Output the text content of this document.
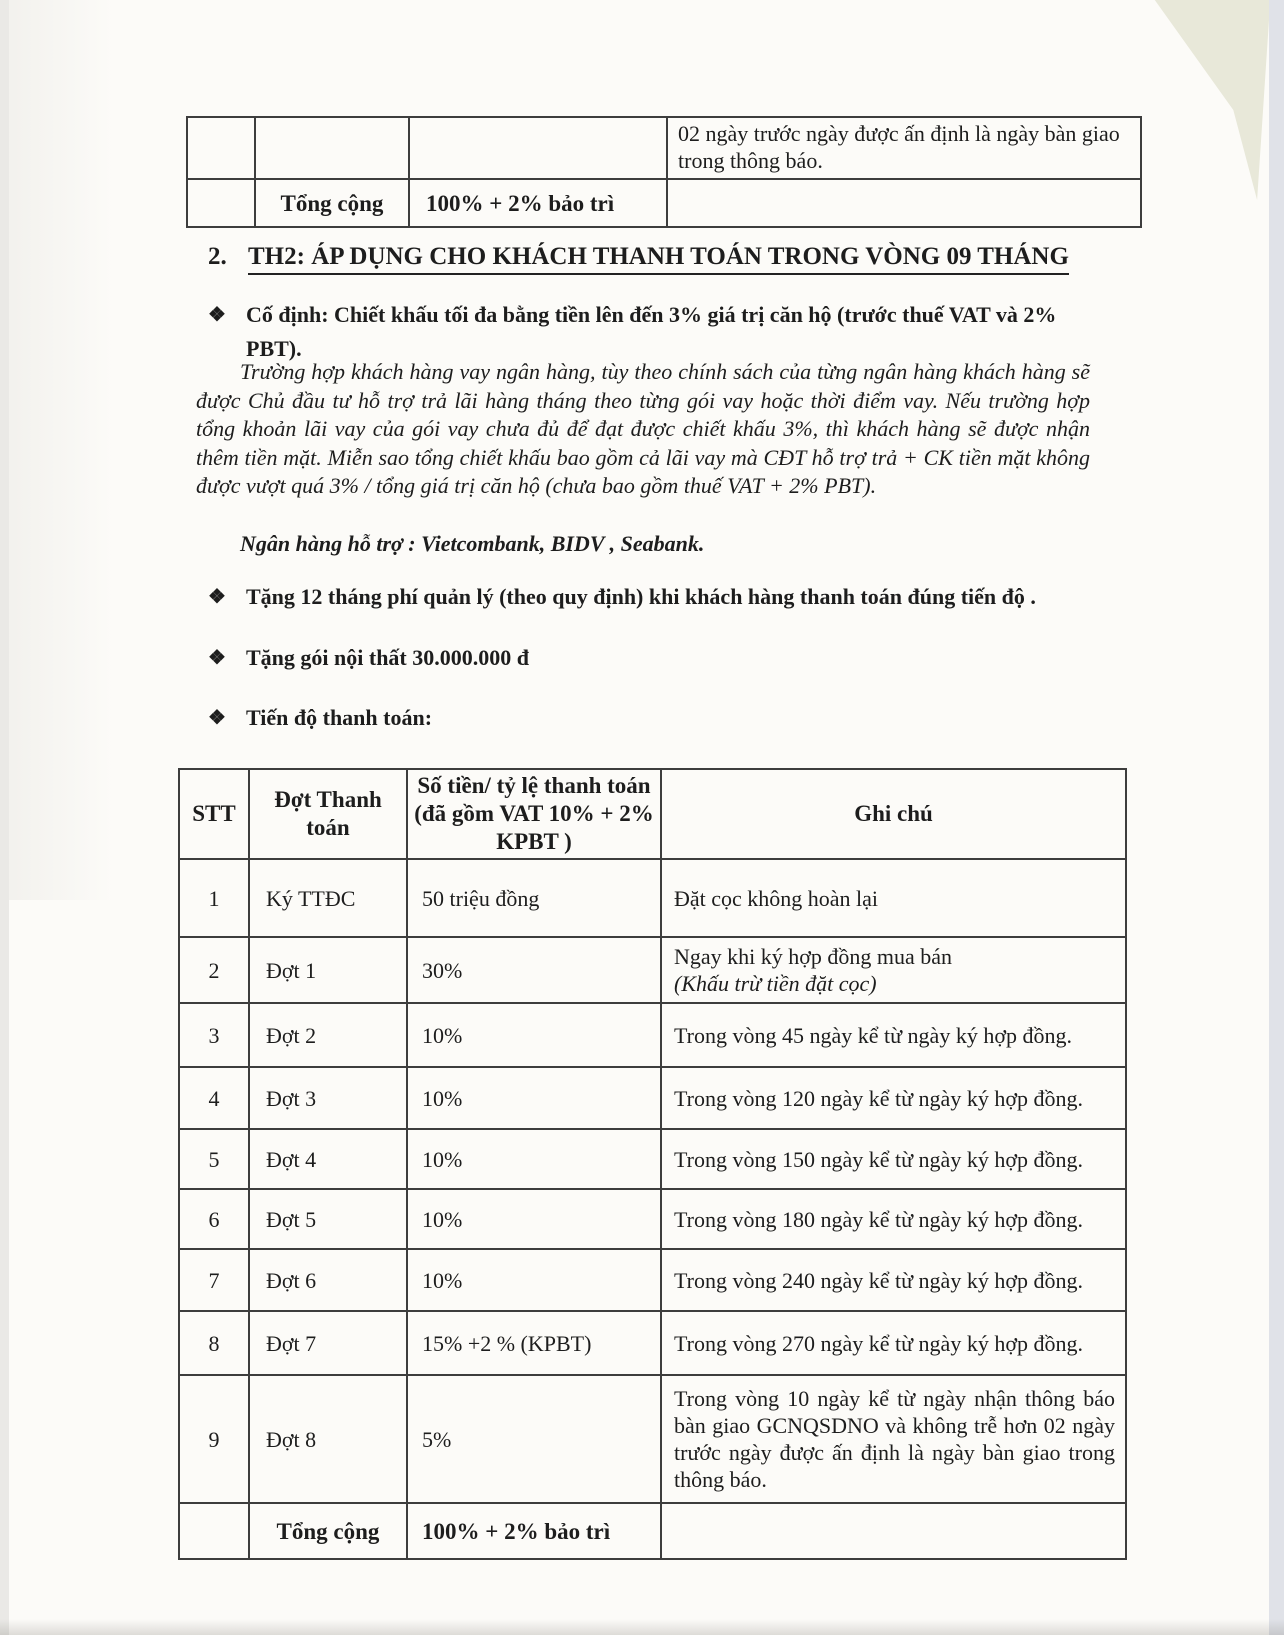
			02 ngày trước ngày được ấn định là ngày bàn giao trong thông báo.
	Tổng cộng	100% + 2% bảo trì	
2. TH2: ÁP DỤNG CHO KHÁCH THANH TOÁN TRONG VÒNG 09 THÁNG
❖ Cố định: Chiết khấu tối đa bằng tiền lên đến 3% giá trị căn hộ (trước thuế VAT và 2% PBT).
Trường hợp khách hàng vay ngân hàng, tùy theo chính sách của từng ngân hàng khách hàng sẽ được Chủ đầu tư hỗ trợ trả lãi hàng tháng theo từng gói vay hoặc thời điểm vay. Nếu trường hợp tổng khoản lãi vay của gói vay chưa đủ để đạt được chiết khấu 3%, thì khách hàng sẽ được nhận thêm tiền mặt. Miễn sao tổng chiết khấu bao gồm cả lãi vay mà CĐT hỗ trợ trả + CK tiền mặt không được vượt quá 3% / tổng giá trị căn hộ (chưa bao gồm thuế VAT + 2% PBT).
Ngân hàng hỗ trợ : Vietcombank, BIDV , Seabank.
❖ Tặng 12 tháng phí quản lý (theo quy định) khi khách hàng thanh toán đúng tiến độ .
❖ Tặng gói nội thất 30.000.000 đ
❖ Tiến độ thanh toán:
STT	Đợt Thanh toán	Số tiền/ tỷ lệ thanh toán (đã gồm VAT 10% + 2% KPBT )	Ghi chú
1	Ký TTĐC	50 triệu đồng	Đặt cọc không hoàn lại
2	Đợt 1	30%	Ngay khi ký hợp đồng mua bán
(Khấu trừ tiền đặt cọc)

3	Đợt 2	10%	Trong vòng 45 ngày kể từ ngày ký hợp đồng.
4	Đợt 3	10%	Trong vòng 120 ngày kể từ ngày ký hợp đồng.
5	Đợt 4	10%	Trong vòng 150 ngày kể từ ngày ký hợp đồng.
6	Đợt 5	10%	Trong vòng 180 ngày kể từ ngày ký hợp đồng.
7	Đợt 6	10%	Trong vòng 240 ngày kể từ ngày ký hợp đồng.
8	Đợt 7	15% +2 % (KPBT)	Trong vòng 270 ngày kể từ ngày ký hợp đồng.
9	Đợt 8	5%	Trong vòng 10 ngày kể từ ngày nhận thông báo bàn giao GCNQSDNO và không trễ hơn 02 ngày trước ngày được ấn định là ngày bàn giao trong thông báo.
	Tổng cộng	100% + 2% bảo trì	
